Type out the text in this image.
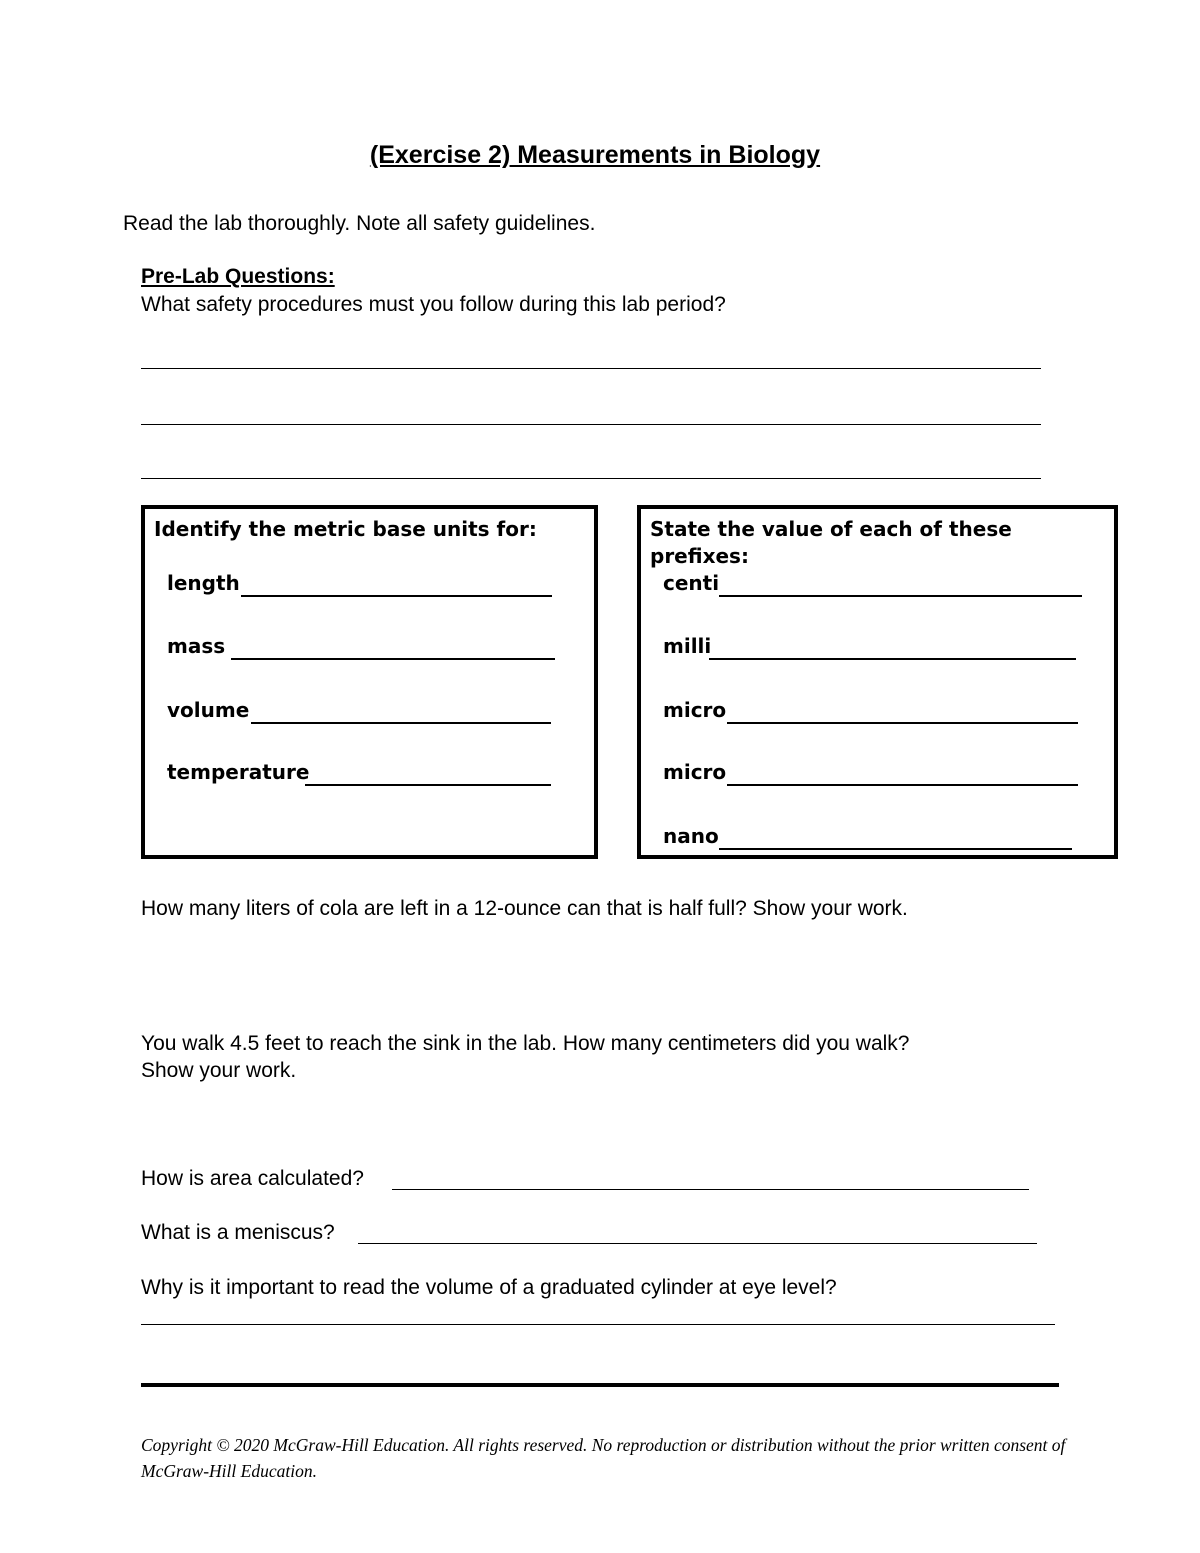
(Exercise 2) Measurements in Biology
Read the lab thoroughly. Note all safety guidelines.
Pre-Lab Questions:
What safety procedures must you follow during this lab period?
Identify the metric base units for:
length
mass
volume
temperature
State the value of each of these
prefixes:
centi
milli
micro
micro
nano
How many liters of cola are left in a 12-ounce can that is half full? Show your work.
You walk 4.5 feet to reach the sink in the lab. How many centimeters did you walk?
Show your work.
How is area calculated?
What is a meniscus?
Why is it important to read the volume of a graduated cylinder at eye level?
Copyright © 2020 McGraw-Hill Education. All rights reserved. No reproduction or distribution without the prior written consent of McGraw-Hill Education.
